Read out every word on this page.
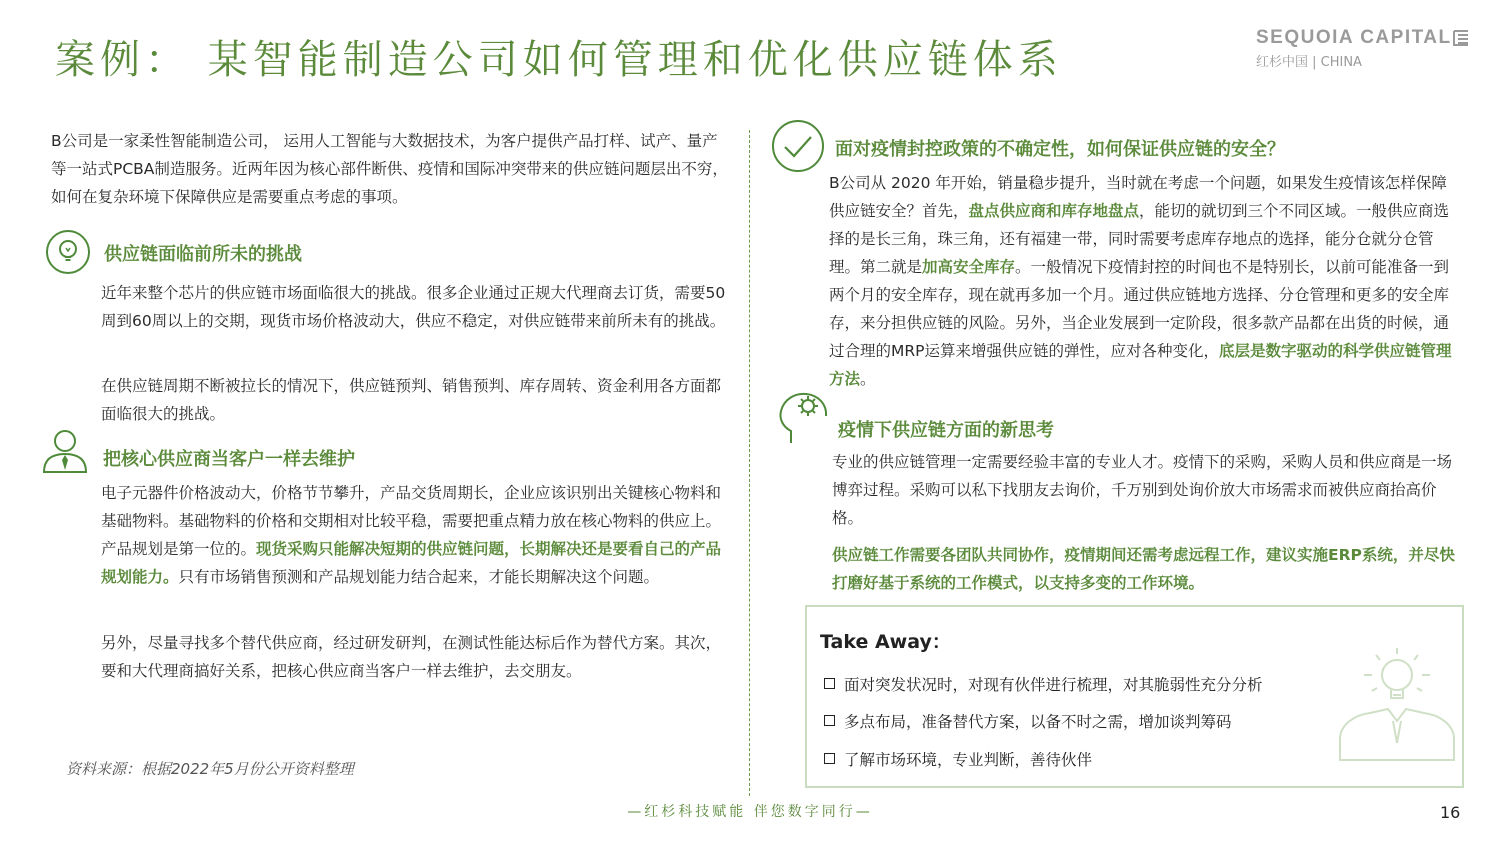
案例： 某智能制造公司如何管理和优化供应链体系	SEQUOIA CAPITAL
红杉中国 | CHINA
B公司是一家柔性智能制造公司， 运用人工智能与大数据技术，为客户提供产品打样、试产、量产等一站式PCBA制造服务。近两年因为核心部件断供、疫情和国际冲突带来的供应链问题层出不穷，如何在复杂环境下保障供应是需要重点考虑的事项。
供应链面临前所未的挑战
近年来整个芯片的供应链市场面临很大的挑战。很多企业通过正规大代理商去订货，需要50周到60周以上的交期，现货市场价格波动大，供应不稳定，对供应链带来前所未有的挑战。
在供应链周期不断被拉长的情况下，供应链预判、销售预判、库存周转、资金利用各方面都面临很大的挑战。
把核心供应商当客户一样去维护
电子元器件价格波动大，价格节节攀升，产品交货周期长，企业应该识别出关键核心物料和基础物料。基础物料的价格和交期相对比较平稳，需要把重点精力放在核心物料的供应上。产品规划是第一位的。现货采购只能解决短期的供应链问题，长期解决还是要看自己的产品规划能力。只有市场销售预测和产品规划能力结合起来，才能长期解决这个问题。
另外，尽量寻找多个替代供应商，经过研发研判，在测试性能达标后作为替代方案。其次，要和大代理商搞好关系，把核心供应商当客户一样去维护，去交朋友。
资料来源：根据2022年5月份公开资料整理
面对疫情封控政策的不确定性，如何保证供应链的安全？
B公司从 2020 年开始，销量稳步提升，当时就在考虑一个问题，如果发生疫情该怎样保障供应链安全？首先，盘点供应商和库存地盘点，能切的就切到三个不同区域。一般供应商选择的是长三角，珠三角，还有福建一带，同时需要考虑库存地点的选择，能分仓就分仓管理。第二就是加高安全库存。一般情况下疫情封控的时间也不是特别长，以前可能准备一到两个月的安全库存，现在就再多加一个月。通过供应链地方选择、分仓管理和更多的安全库存，来分担供应链的风险。另外，当企业发展到一定阶段，很多款产品都在出货的时候，通过合理的MRP运算来增强供应链的弹性，应对各种变化，底层是数字驱动的科学供应链管理方法。
疫情下供应链方面的新思考
专业的供应链管理一定需要经验丰富的专业人才。疫情下的采购，采购人员和供应商是一场博弈过程。采购可以私下找朋友去询价，千万别到处询价放大市场需求而被供应商抬高价格。
供应链工作需要各团队共同协作，疫情期间还需考虑远程工作，建议实施ERP系统，并尽快打磨好基于系统的工作模式，以支持多变的工作环境。
Take Away：
面对突发状况时，对现有伙伴进行梳理，对其脆弱性充分分析
多点布局，准备替代方案，以备不时之需，增加谈判筹码
了解市场环境，专业判断，善待伙伴
—红杉科技赋能 伴您数字同行—	16
